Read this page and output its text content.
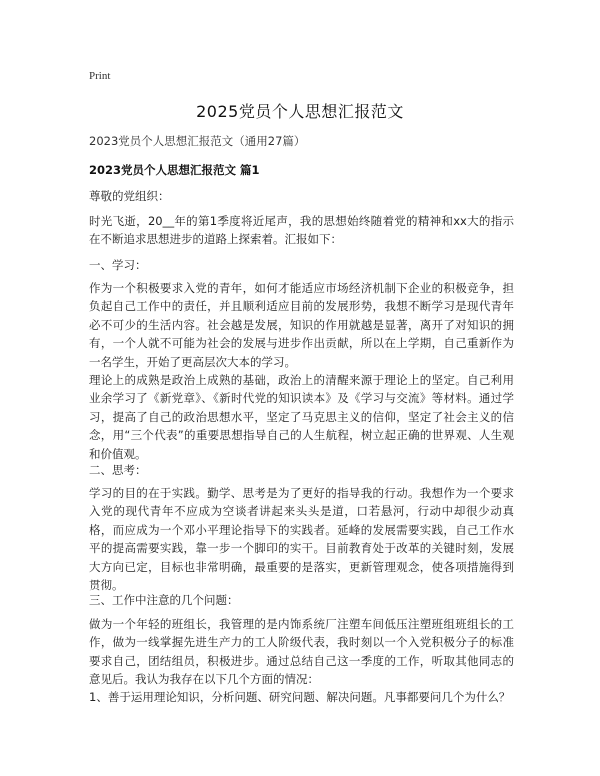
Print
2025党员个人思想汇报范文
2023党员个人思想汇报范文（通用27篇）
2023党员个人思想汇报范文 篇1
尊敬的党组织：

时光飞逝，20__年的第1季度将近尾声，我的思想始终随着党的精神和xx大的指示在不断追求思想进步的道路上探索着。汇报如下：

一、学习：

作为一个积极要求入党的青年，如何才能适应市场经济机制下企业的积极竞争，担负起自己工作中的责任，并且顺利适应目前的发展形势，我想不断学习是现代青年必不可少的生活内容。社会越是发展，知识的作用就越是显著，离开了对知识的拥有，一个人就不可能为社会的发展与进步作出贡献，所以在上学期，自己重新作为一名学生，开始了更高层次大本的学习。

理论上的成熟是政治上成熟的基础，政治上的清醒来源于理论上的坚定。自己利用业余学习了《新党章》、《新时代党的知识读本》及《学习与交流》等材料。通过学习，提高了自己的政治思想水平，坚定了马克思主义的信仰，坚定了社会主义的信念，用“三个代表”的重要思想指导自己的人生航程，树立起正确的世界观、人生观和价值观。

二、思考：

学习的目的在于实践。勤学、思考是为了更好的指导我的行动。我想作为一个要求入党的现代青年不应成为空谈者讲起来头头是道，口若悬河，行动中却很少动真格，而应成为一个邓小平理论指导下的实践者。延峰的发展需要实践，自己工作水平的提高需要实践，靠一步一个脚印的实干。目前教育处于改革的关键时刻，发展大方向已定，目标也非常明确，最重要的是落实，更新管理观念，使各项措施得到贯彻。

三、工作中注意的几个问题：

做为一个年轻的班组长，我管理的是内饰系统厂注塑车间低压注塑班组班组长的工作，做为一线掌握先进生产力的工人阶级代表，我时刻以一个入党积极分子的标准要求自己，团结组员，积极进步。通过总结自己这一季度的工作，听取其他同志的意见后。我认为我存在以下几个方面的情况：

1、善于运用理论知识，分析问题、研究问题、解决问题。凡事都要问几个为什么？
